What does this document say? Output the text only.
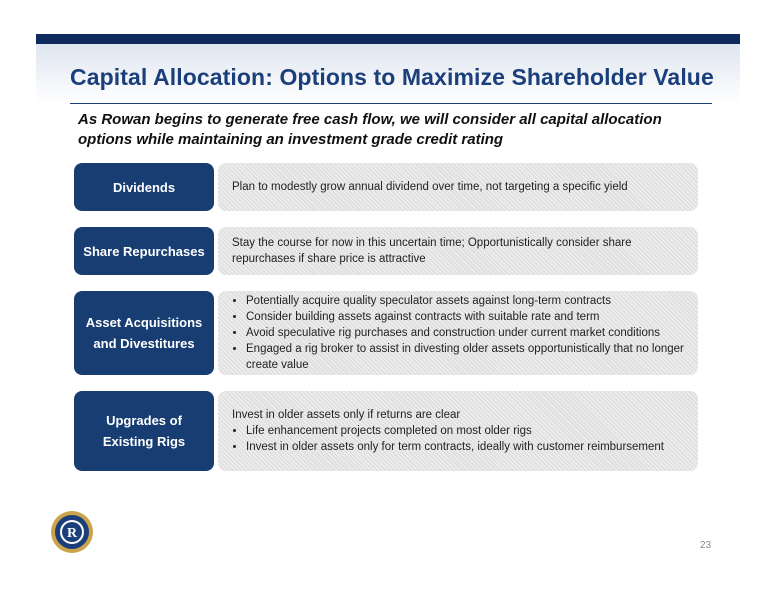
Capital Allocation: Options to Maximize Shareholder Value
As Rowan begins to generate free cash flow, we will consider all capital allocation options while maintaining an investment grade credit rating
Dividends	Plan to modestly grow annual dividend over time, not targeting a specific yield
Share Repurchases
Stay the course for now in this uncertain time; Opportunistically consider share repurchases if share price is attractive
Asset Acquisitions
and Divestitures
• Potentially acquire quality speculator assets against long-term contracts
• Consider building assets against contracts with suitable rate and term
• Avoid speculative rig purchases and construction under current market conditions
• Engaged a rig broker to assist in divesting older assets opportunistically that no longer create value
Upgrades of
Existing Rigs
Invest in older assets only if returns are clear
• Life enhancement projects completed on most older rigs
• Invest in older assets only for term contracts, ideally with customer reimbursement
R
23
